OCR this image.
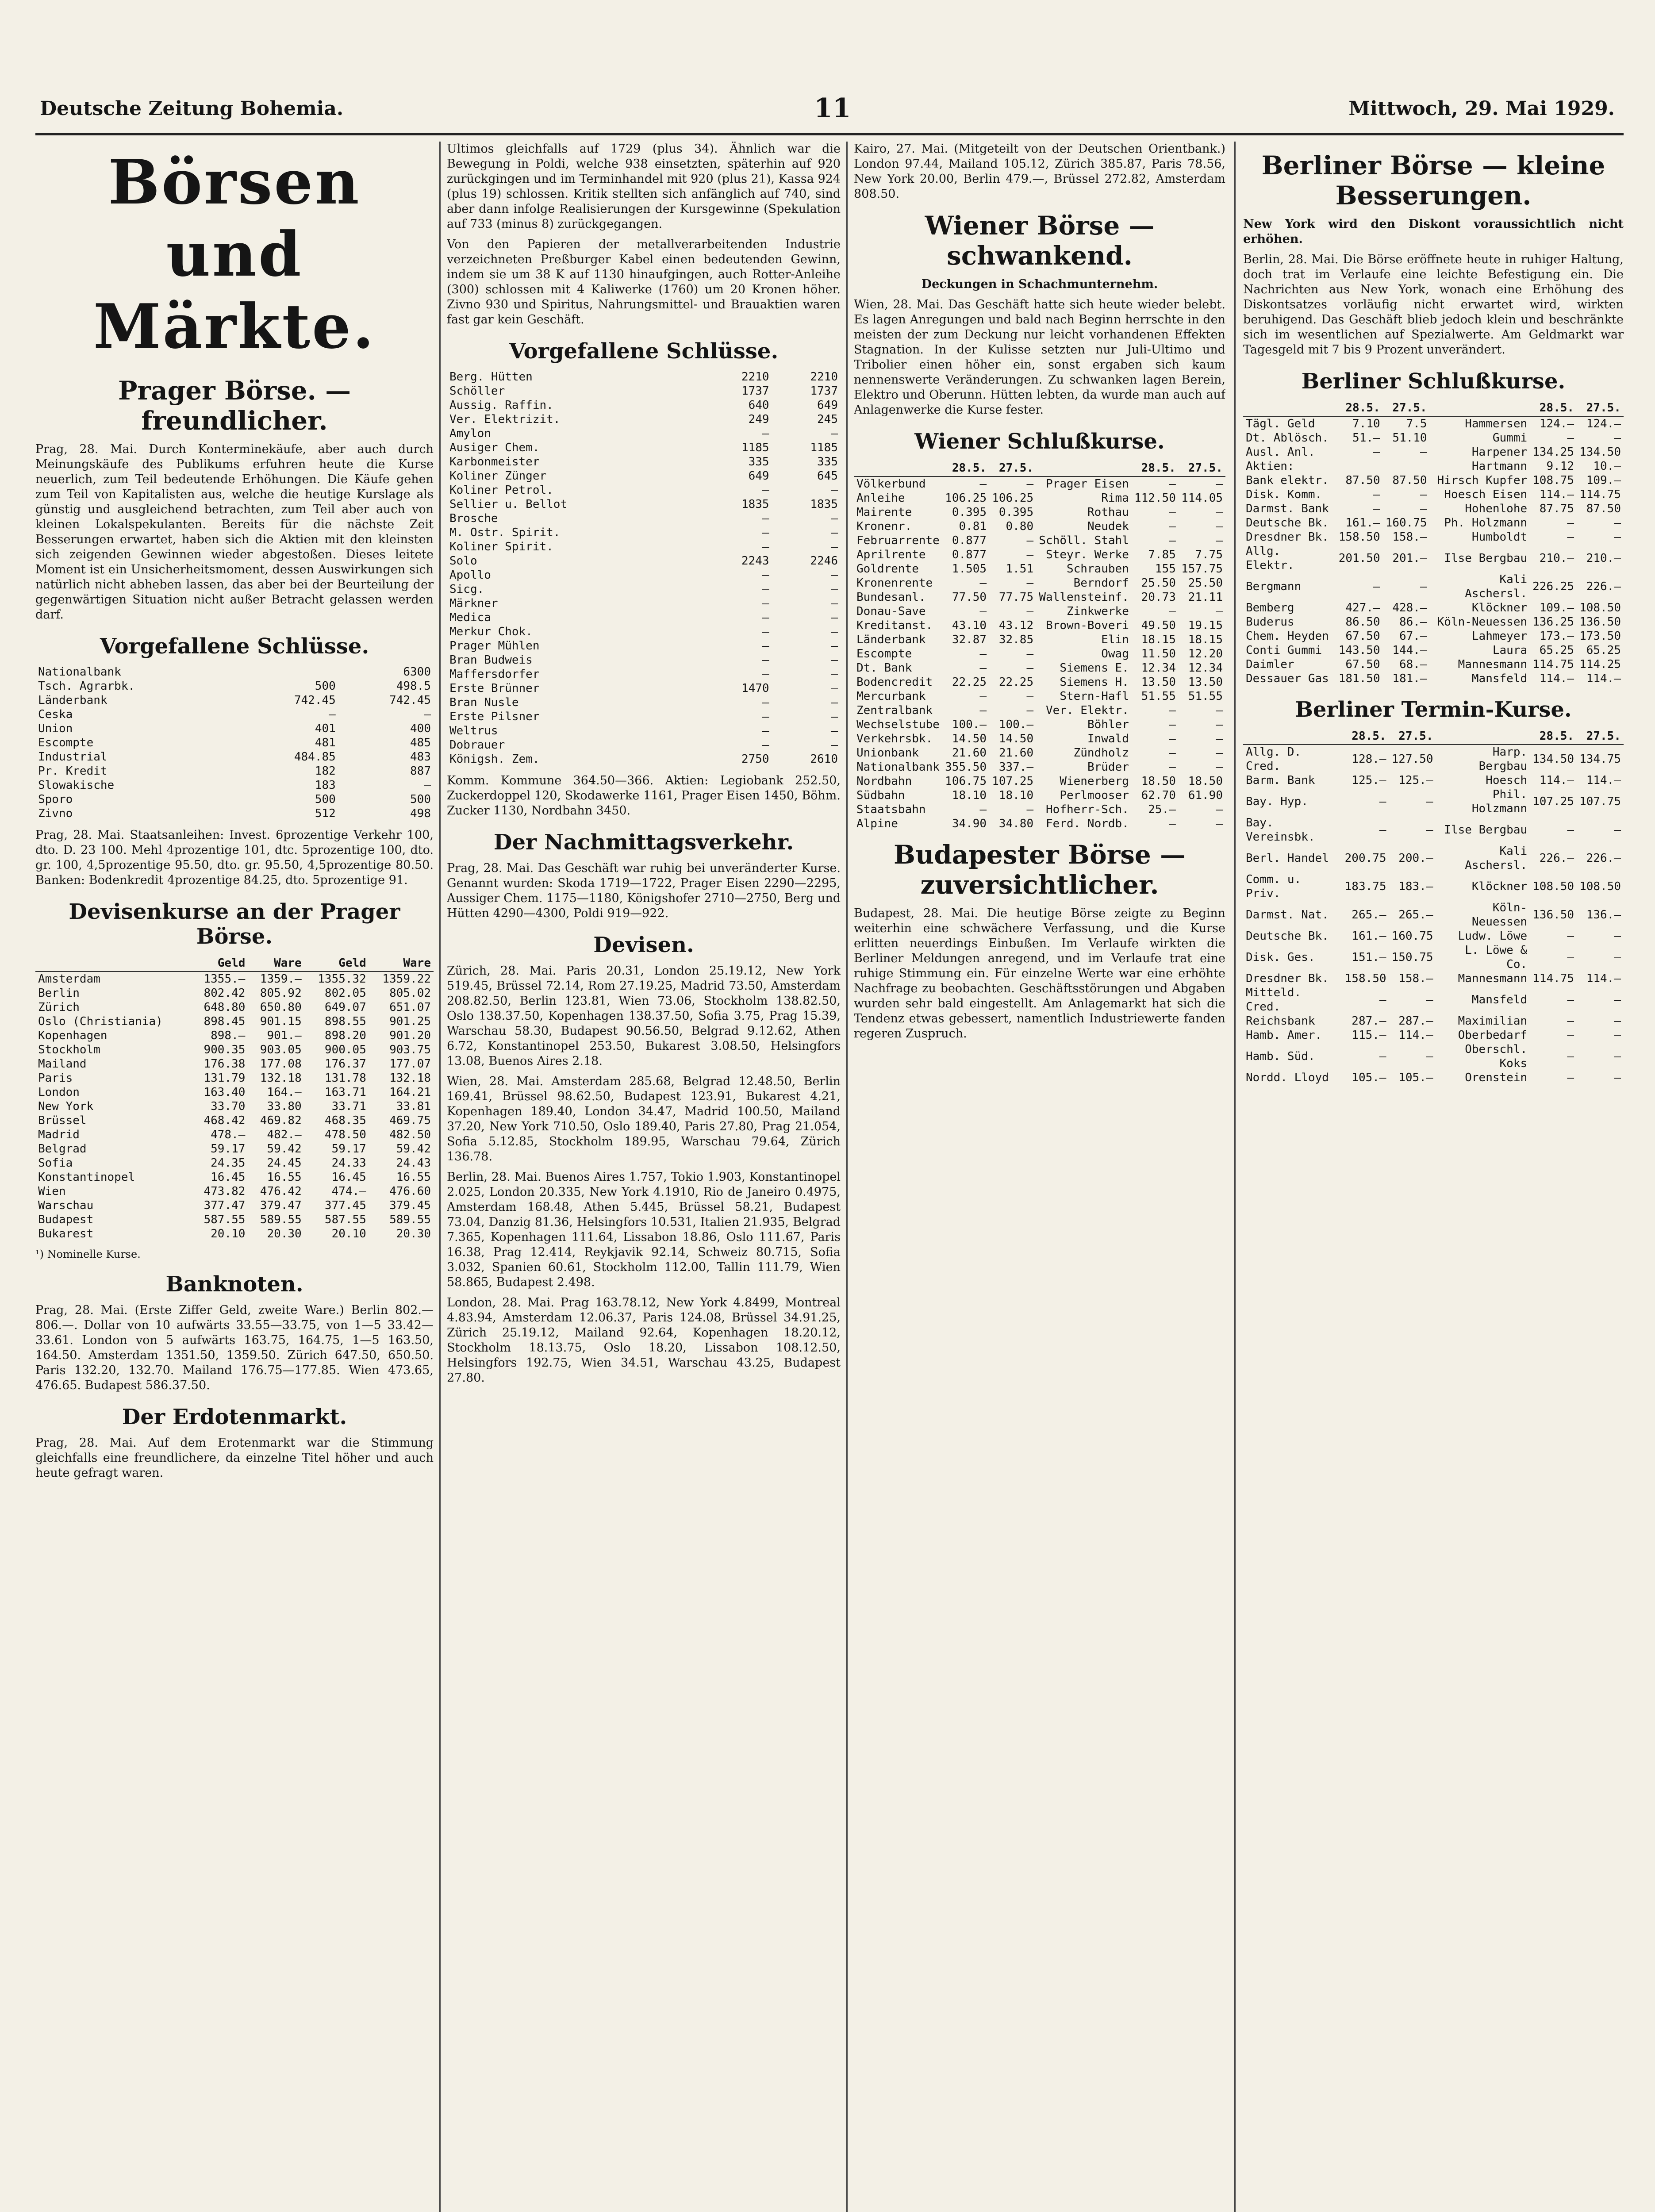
Deutsche Zeitung Bohemia.	11	Mittwoch, 29. Mai 1929.
Börsen und Märkte.
Prager Börse. — freundlicher.

Prag, 28. Mai. Durch Konterminekäufe, aber auch durch Meinungskäufe des Publikums erfuhren heute die Kurse neuerlich, zum Teil bedeutende Erhöhungen. Die Käufe gehen zum Teil von Kapitalisten aus, welche die heutige Kurslage als günstig und ausgleichend betrachten, zum Teil aber auch von kleinen Lokalspekulanten. Bereits für die nächste Zeit Besserungen erwartet, haben sich die Aktien mit den kleinsten sich zeigenden Gewinnen wieder abgestoßen. Dieses leitete Moment ist ein Unsicherheitsmoment, dessen Auswirkungen sich natürlich nicht abheben lassen, das aber bei der Beurteilung der gegenwärtigen Situation nicht außer Betracht gelassen werden darf.

Vorgefallene Schlüsse.
Nationalbank		6300
Tsch. Agrarbk.	500	498.5
Länderbank	742.45	742.45
Ceska	—	—
Union	401	400
Escompte	481	485
Industrial	484.85	483
Pr. Kredit	182	887
Slowakische	183	—
Sporo	500	500
Zivno	512	498

Prag, 28. Mai. Staatsanleihen: Invest. 6prozentige Verkehr 100, dto. D. 23 100. Mehl 4prozentige 101, dtc. 5prozentige 100, dto. gr. 100, 4,5prozentige 95.50, dto. gr. 95.50, 4,5prozentige 80.50. Banken: Bodenkredit 4prozentige 84.25, dto. 5prozentige 91.

Devisenkurse an der Prager Börse.
	Geld	Ware	Geld	Ware
Amsterdam	1355.—	1359.—	1355.32	1359.22
Berlin	802.42	805.92	802.05	805.02
Zürich	648.80	650.80	649.07	651.07
Oslo (Christiania)	898.45	901.15	898.55	901.25
Kopenhagen	898.—	901.—	898.20	901.20
Stockholm	900.35	903.05	900.05	903.75
Mailand	176.38	177.08	176.37	177.07
Paris	131.79	132.18	131.78	132.18
London	163.40	164.—	163.71	164.21
New York	33.70	33.80	33.71	33.81
Brüssel	468.42	469.82	468.35	469.75
Madrid	478.—	482.—	478.50	482.50
Belgrad	59.17	59.42	59.17	59.42
Sofia	24.35	24.45	24.33	24.43
Konstantinopel	16.45	16.55	16.45	16.55
Wien	473.82	476.42	474.—	476.60
Warschau	377.47	379.47	377.45	379.45
Budapest	587.55	589.55	587.55	589.55
Bukarest	20.10	20.30	20.10	20.30
¹) Nominelle Kurse.
Banknoten.

Prag, 28. Mai. (Erste Ziffer Geld, zweite Ware.) Berlin 802.— 806.—. Dollar von 10 aufwärts 33.55—33.75, von 1—5 33.42—33.61. London von 5 aufwärts 163.75, 164.75, 1—5 163.50, 164.50. Amsterdam 1351.50, 1359.50. Zürich 647.50, 650.50. Paris 132.20, 132.70. Mailand 176.75—177.85. Wien 473.65, 476.65. Budapest 586.37.50.

Der Erdotenmarkt.

Prag, 28. Mai. Auf dem Erotenmarkt war die Stimmung gleichfalls eine freundlichere, da einzelne Titel höher und auch heute gefragt waren.

Ultimos gleichfalls auf 1729 (plus 34). Ähnlich war die Bewegung in Poldi, welche 938 einsetzten, späterhin auf 920 zurückgingen und im Terminhandel mit 920 (plus 21), Kassa 924 (plus 19) schlossen. Kritik stellten sich anfänglich auf 740, sind aber dann infolge Realisierungen der Kursgewinne (Spekulation auf 733 (minus 8) zurückgegangen.

Von den Papieren der metallverarbeitenden Industrie verzeichneten Preßburger Kabel einen bedeutenden Gewinn, indem sie um 38 K auf 1130 hinaufgingen, auch Rotter-Anleihe (300) schlossen mit 4 Kaliwerke (1760) um 20 Kronen höher. Zivno 930 und Spiritus, Nahrungsmittel- und Brauaktien waren fast gar kein Geschäft.

Vorgefallene Schlüsse.
Berg. Hütten	2210	2210
Schöller	1737	1737
Aussig. Raffin.	640	649
Ver. Elektrizit.	249	245
Amylon	—	—
Ausiger Chem.	1185	1185
Karbonmeister	335	335
Koliner Zünger	649	645
Koliner Petrol.	—	—
Sellier u. Bellot	1835	1835
Brosche	—	—
M. Ostr. Spirit.	—	—
Koliner Spirit.	—	—
Solo	2243	2246
Apollo	—	—
Sicg.	—	—
Märkner	—	—
Medica	—	—
Merkur Chok.	—	—
Prager Mühlen	—	—
Bran Budweis	—	—
Maffersdorfer	—	—
Erste Brünner	1470	—
Bran Nusle	—	—
Erste Pilsner	—	—
Weltrus	—	—
Dobrauer	—	—
Königsh. Zem.	2750	2610

Komm. Kommune 364.50—366. Aktien: Legiobank 252.50, Zuckerdoppel 120, Skodawerke 1161, Prager Eisen 1450, Böhm. Zucker 1130, Nordbahn 3450.

Der Nachmittagsverkehr.

Prag, 28. Mai. Das Geschäft war ruhig bei unveränderter Kurse. Genannt wurden: Skoda 1719—1722, Prager Eisen 2290—2295, Aussiger Chem. 1175—1180, Königshofer 2710—2750, Berg und Hütten 4290—4300, Poldi 919—922.

Devisen.

Zürich, 28. Mai. Paris 20.31, London 25.19.12, New York 519.45, Brüssel 72.14, Rom 27.19.25, Madrid 73.50, Amsterdam 208.82.50, Berlin 123.81, Wien 73.06, Stockholm 138.82.50, Oslo 138.37.50, Kopenhagen 138.37.50, Sofia 3.75, Prag 15.39, Warschau 58.30, Budapest 90.56.50, Belgrad 9.12.62, Athen 6.72, Konstantinopel 253.50, Bukarest 3.08.50, Helsingfors 13.08, Buenos Aires 2.18.

Wien, 28. Mai. Amsterdam 285.68, Belgrad 12.48.50, Berlin 169.41, Brüssel 98.62.50, Budapest 123.91, Bukarest 4.21, Kopenhagen 189.40, London 34.47, Madrid 100.50, Mailand 37.20, New York 710.50, Oslo 189.40, Paris 27.80, Prag 21.054, Sofia 5.12.85, Stockholm 189.95, Warschau 79.64, Zürich 136.78.

Berlin, 28. Mai. Buenos Aires 1.757, Tokio 1.903, Konstantinopel 2.025, London 20.335, New York 4.1910, Rio de Janeiro 0.4975, Amsterdam 168.48, Athen 5.445, Brüssel 58.21, Budapest 73.04, Danzig 81.36, Helsingfors 10.531, Italien 21.935, Belgrad 7.365, Kopenhagen 111.64, Lissabon 18.86, Oslo 111.67, Paris 16.38, Prag 12.414, Reykjavik 92.14, Schweiz 80.715, Sofia 3.032, Spanien 60.61, Stockholm 112.00, Tallin 111.79, Wien 58.865, Budapest 2.498.

London, 28. Mai. Prag 163.78.12, New York 4.8499, Montreal 4.83.94, Amsterdam 12.06.37, Paris 124.08, Brüssel 34.91.25, Zürich 25.19.12, Mailand 92.64, Kopenhagen 18.20.12, Stockholm 18.13.75, Oslo 18.20, Lissabon 108.12.50, Helsingfors 192.75, Wien 34.51, Warschau 43.25, Budapest 27.80.

Kairo, 27. Mai. (Mitgeteilt von der Deutschen Orientbank.) London 97.44, Mailand 105.12, Zürich 385.87, Paris 78.56, New York 20.00, Berlin 479.—, Brüssel 272.82, Amsterdam 808.50.

Wiener Börse — schwankend.
Deckungen in Schachmunternehm.

Wien, 28. Mai. Das Geschäft hatte sich heute wieder belebt. Es lagen Anregungen und bald nach Beginn herrschte in den meisten der zum Deckung nur leicht vorhandenen Effekten Stagnation. In der Kulisse setzten nur Juli-Ultimo und Tribolier einen höher ein, sonst ergaben sich kaum nennenswerte Veränderungen. Zu schwanken lagen Berein, Elektro und Oberunn. Hütten lebten, da wurde man auch auf Anlagenwerke die Kurse fester.

Wiener Schlußkurse.
	28.5.	27.5.		28.5.	27.5.
Völkerbund	—	—	Prager Eisen	—	—
Anleihe	106.25	106.25	Rima	112.50	114.05
Mairente	0.395	0.395	Rothau	—	—
Kronenr.	0.81	0.80	Neudek	—	—
Februarrente	0.877	—	Schöll. Stahl	—	—
Aprilrente	0.877	—	Steyr. Werke	7.85	7.75
Goldrente	1.505	1.51	Schrauben	155	157.75
Kronenrente	—	—	Berndorf	25.50	25.50
Bundesanl.	77.50	77.75	Wallensteinf.	20.73	21.11
Donau-Save	—	—	Zinkwerke	—	—
Kreditanst.	43.10	43.12	Brown-Boveri	49.50	19.15
Länderbank	32.87	32.85	Elin	18.15	18.15
Escompte	—	—	Owag	11.50	12.20
Dt. Bank	—	—	Siemens E.	12.34	12.34
Bodencredit	22.25	22.25	Siemens H.	13.50	13.50
Mercurbank	—	—	Stern-Hafl	51.55	51.55
Zentralbank	—	—	Ver. Elektr.	—	—
Wechselstube	100.—	100.—	Böhler	—	—
Verkehrsbk.	14.50	14.50	Inwald	—	—
Unionbank	21.60	21.60	Zündholz	—	—
Nationalbank	355.50	337.—	Brüder	—	—
Nordbahn	106.75	107.25	Wienerberg	18.50	18.50
Südbahn	18.10	18.10	Perlmooser	62.70	61.90
Staatsbahn	—	—	Hofherr-Sch.	25.—	—
Alpine	34.90	34.80	Ferd. Nordb.	—	—
Budapester Börse — zuversichtlicher.

Budapest, 28. Mai. Die heutige Börse zeigte zu Beginn weiterhin eine schwächere Verfassung, und die Kurse erlitten neuerdings Einbußen. Im Verlaufe wirkten die Berliner Meldungen anregend, und im Verlaufe trat eine ruhige Stimmung ein. Für einzelne Werte war eine erhöhte Nachfrage zu beobachten. Geschäftsstörungen und Abgaben wurden sehr bald eingestellt. Am Anlagemarkt hat sich die Tendenz etwas gebessert, namentlich Industriewerte fanden regeren Zuspruch.

Berliner Börse — kleine Besserungen.
New York wird den Diskont voraussichtlich nicht erhöhen.

Berlin, 28. Mai. Die Börse eröffnete heute in ruhiger Haltung, doch trat im Verlaufe eine leichte Befestigung ein. Die Nachrichten aus New York, wonach eine Erhöhung des Diskontsatzes vorläufig nicht erwartet wird, wirkten beruhigend. Das Geschäft blieb jedoch klein und beschränkte sich im wesentlichen auf Spezialwerte. Am Geldmarkt war Tagesgeld mit 7 bis 9 Prozent unverändert.

Berliner Schlußkurse.
	28.5.	27.5.		28.5.	27.5.
Tägl. Geld	7.10	7.5	Hammersen	124.—	124.—
Dt. Ablösch.	51.—	51.10	Gummi	—	—
Ausl. Anl.	—	—	Harpener	134.25	134.50
Aktien:			Hartmann	9.12	10.—
Bank elektr.	87.50	87.50	Hirsch Kupfer	108.75	109.—
Disk. Komm.	—	—	Hoesch Eisen	114.—	114.75
Darmst. Bank	—	—	Hohenlohe	87.75	87.50
Deutsche Bk.	161.—	160.75	Ph. Holzmann	—	—
Dresdner Bk.	158.50	158.—	Humboldt	—	—
Allg. Elektr.	201.50	201.—	Ilse Bergbau	210.—	210.—
Bergmann	—	—	Kali Aschersl.	226.25	226.—
Bemberg	427.—	428.—	Klöckner	109.—	108.50
Buderus	86.50	86.—	Köln-Neuessen	136.25	136.50
Chem. Heyden	67.50	67.—	Lahmeyer	173.—	173.50
Conti Gummi	143.50	144.—	Laura	65.25	65.25
Daimler	67.50	68.—	Mannesmann	114.75	114.25
Dessauer Gas	181.50	181.—	Mansfeld	114.—	114.—
Berliner Termin-Kurse.
	28.5.	27.5.		28.5.	27.5.
Allg. D. Cred.	128.—	127.50	Harp. Bergbau	134.50	134.75
Barm. Bank	125.—	125.—	Hoesch	114.—	114.—
Bay. Hyp.	—	—	Phil. Holzmann	107.25	107.75
Bay. Vereinsbk.	—	—	Ilse Bergbau	—	—
Berl. Handel	200.75	200.—	Kali Aschersl.	226.—	226.—
Comm. u. Priv.	183.75	183.—	Klöckner	108.50	108.50
Darmst. Nat.	265.—	265.—	Köln-Neuessen	136.50	136.—
Deutsche Bk.	161.—	160.75	Ludw. Löwe	—	—
Disk. Ges.	151.—	150.75	L. Löwe & Co.	—	—
Dresdner Bk.	158.50	158.—	Mannesmann	114.75	114.—
Mitteld. Cred.	—	—	Mansfeld	—	—
Reichsbank	287.—	287.—	Maximilian	—	—
Hamb. Amer.	115.—	114.—	Oberbedarf	—	—
Hamb. Süd.	—	—	Oberschl. Koks	—	—
Nordd. Lloyd	105.—	105.—	Orenstein	—	—
